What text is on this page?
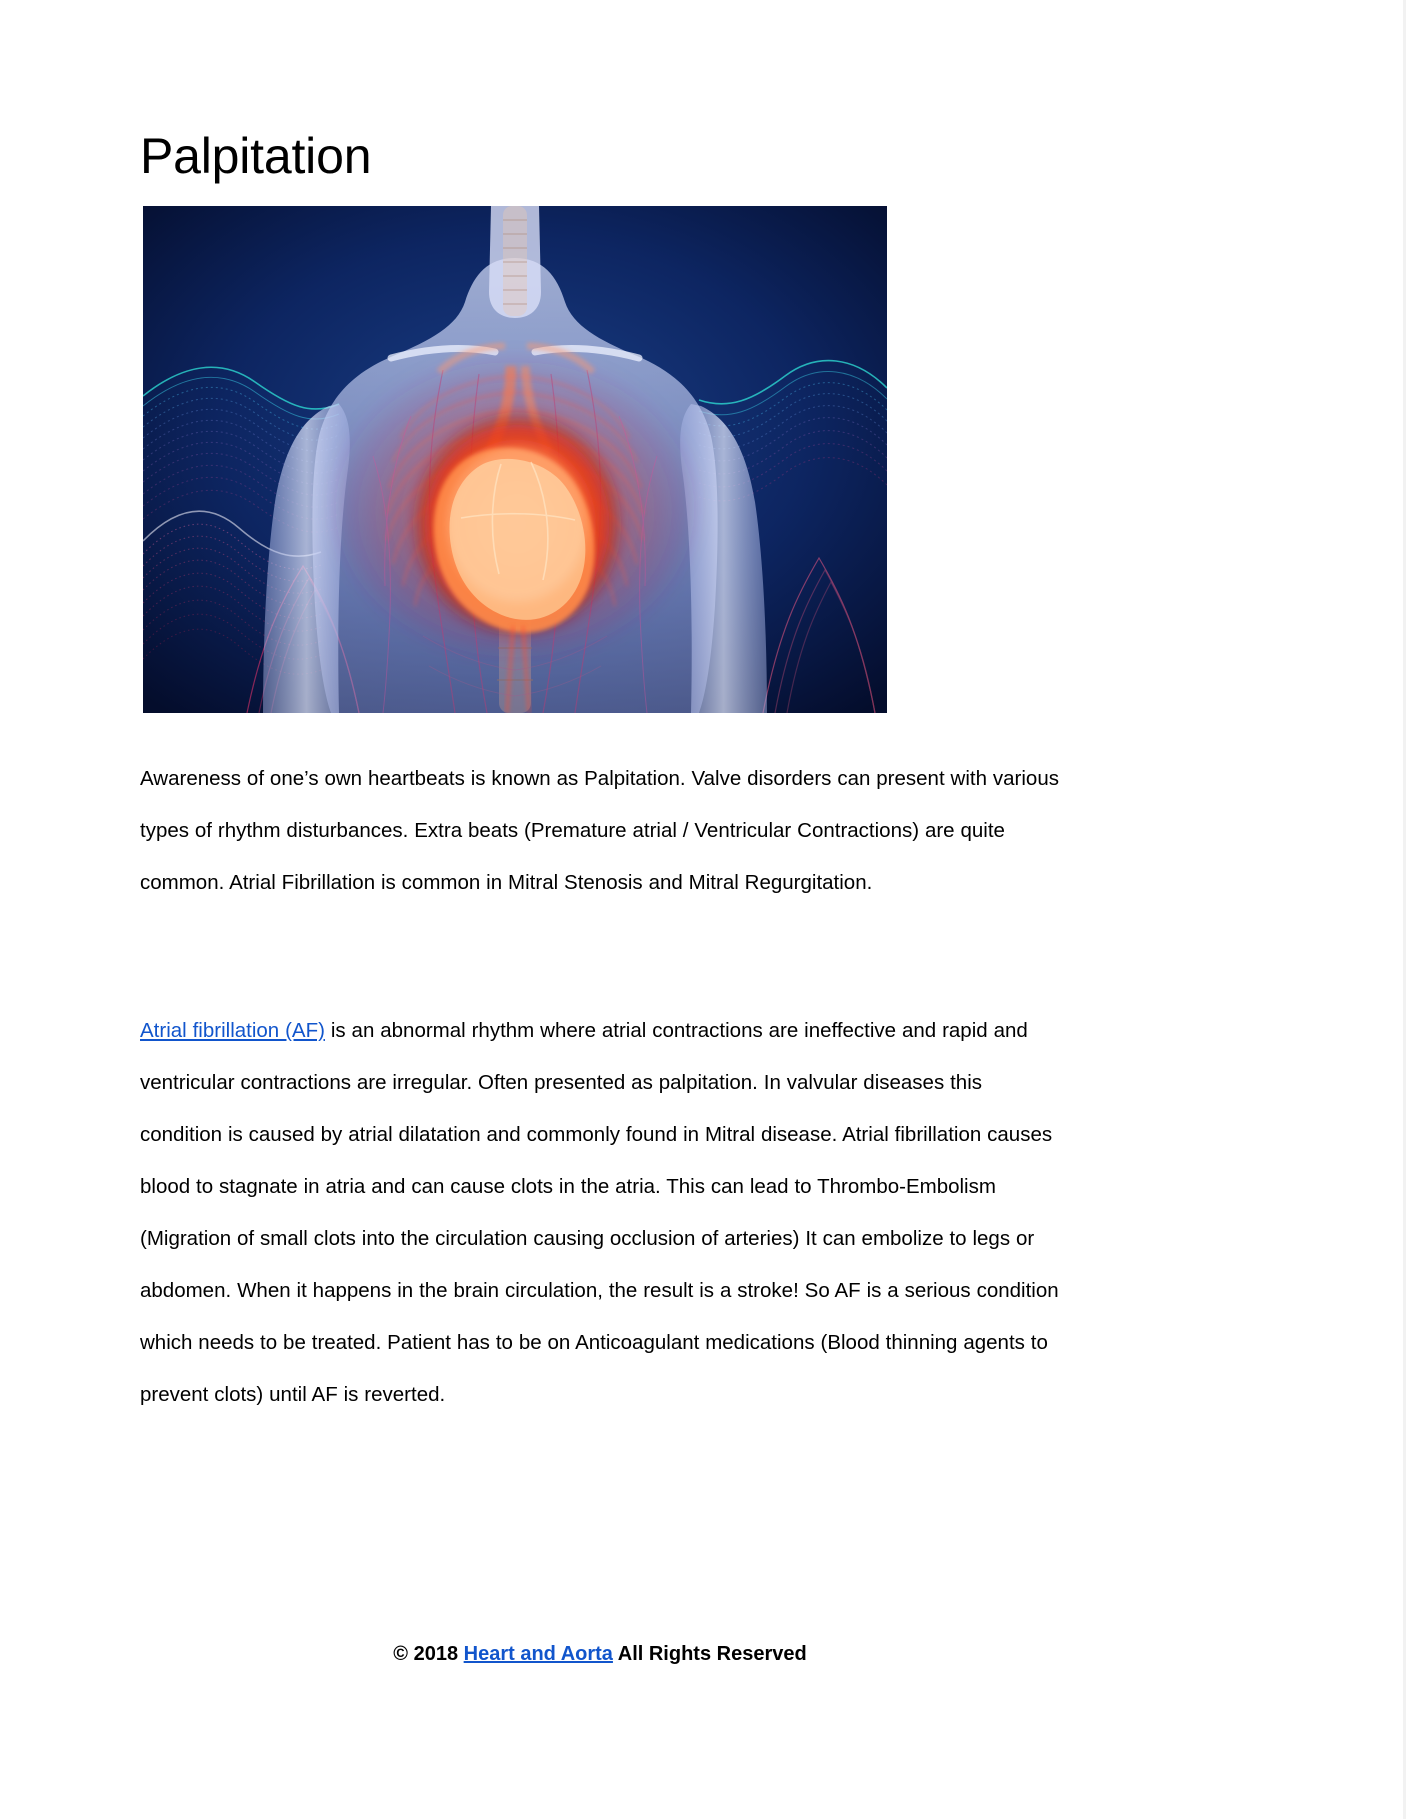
Palpitation

Awareness of one’s own heartbeats is known as Palpitation. Valve disorders can present with various types of rhythm disturbances. Extra beats (Premature atrial / Ventricular Contractions) are quite common. Atrial Fibrillation is common in Mitral Stenosis and Mitral Regurgitation.

Atrial fibrillation (AF) is an abnormal rhythm where atrial contractions are ineffective and rapid and ventricular contractions are irregular. Often presented as palpitation. In valvular diseases this condition is caused by atrial dilatation and commonly found in Mitral disease. Atrial fibrillation causes blood to stagnate in atria and can cause clots in the atria. This can lead to Thrombo-Embolism (Migration of small clots into the circulation causing occlusion of arteries) It can embolize to legs or abdomen. When it happens in the brain circulation, the result is a stroke! So AF is a serious condition which needs to be treated. Patient has to be on Anticoagulant medications (Blood thinning agents to prevent clots) until AF is reverted.

© 2018 Heart and Aorta All Rights Reserved
